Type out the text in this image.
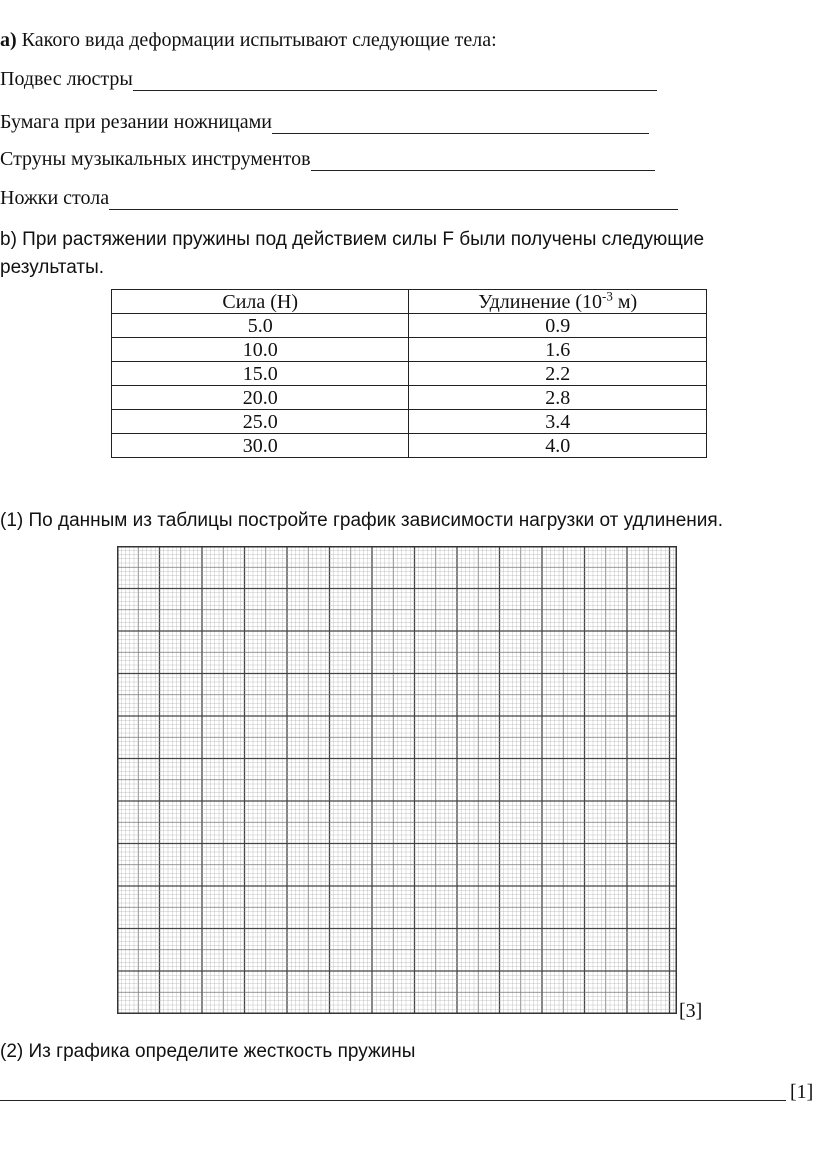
a) Какого вида деформации испытывают следующие тела:
Подвес люстры
Бумага при резании ножницами
Струны музыкальных инструментов
Ножки стола
b) При растяжении пружины под действием силы F были получены следующие
результаты.
Сила (Н)	Удлинение ($10^{-3}$ м)
5.0	0.9
10.0	1.6
15.0	2.2
20.0	2.8
25.0	3.4
30.0	4.0
(1) По данным из таблицы постройте график зависимости нагрузки от удлинения.
[3]
(2) Из графика определите жесткость пружины
[1]
